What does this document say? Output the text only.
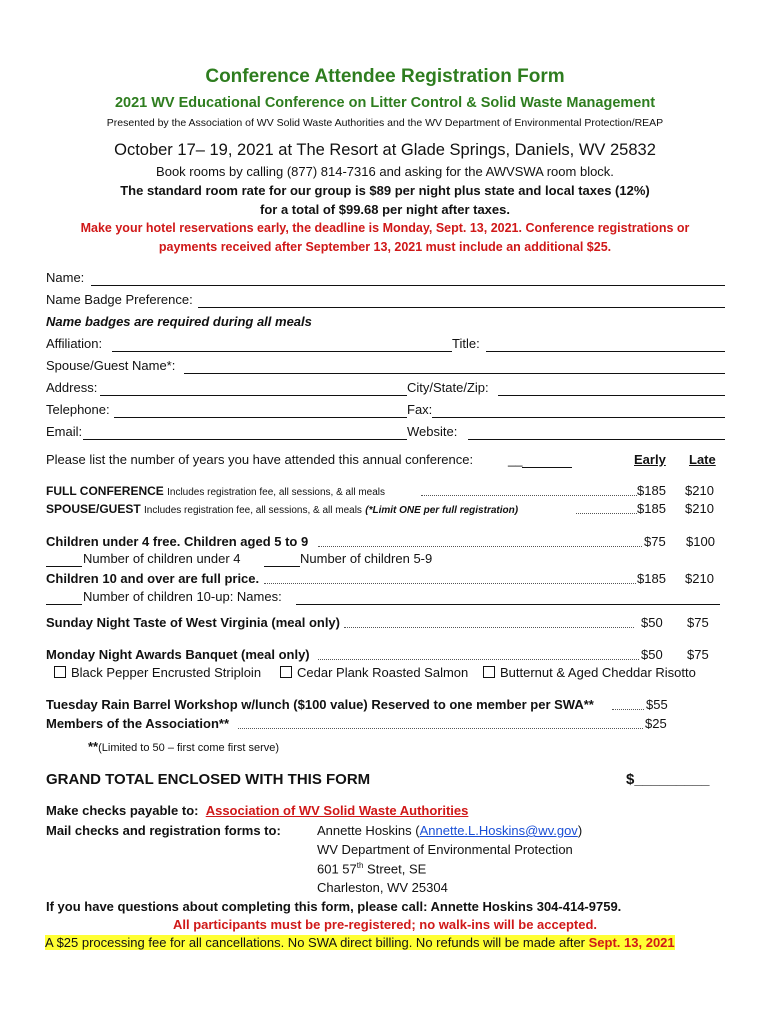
Conference Attendee Registration Form
2021 WV Educational Conference on Litter Control & Solid Waste Management
Presented by the Association of WV Solid Waste Authorities and the WV Department of Environmental Protection/REAP
October 17– 19, 2021 at The Resort at Glade Springs, Daniels, WV 25832
Book rooms by calling (877) 814-7316 and asking for the AWVSWA room block.
The standard room rate for our group is $89 per night plus state and local taxes (12%)
for a total of $99.68 per night after taxes.
Make your hotel reservations early, the deadline is Monday, Sept. 13, 2021. Conference registrations or
payments received after September 13, 2021 must include an additional $25.
Name:
Name Badge Preference:
Name badges are required during all meals
Affiliation:	Title:
Spouse/Guest Name*:
Address:	City/State/Zip:
Telephone:	Fax:
Email:	Website:
Please list the number of years you have attended this annual conference:	__	Early Late
FULL CONFERENCE Includes registration fee, all sessions, & all meals	$185 $210
SPOUSE/GUEST Includes registration fee, all sessions, & all meals (*Limit ONE per full registration)	$185 $210
Children under 4 free. Children aged 5 to 9	$75 $100
Number of children under 4	Number of children 5-9
Children 10 and over are full price.	$185 $210
Number of children 10-up: Names:
Sunday Night Taste of West Virginia (meal only)	$50 $75
Monday Night Awards Banquet (meal only)	$50 $75
Black Pepper Encrusted Striploin	Cedar Plank Roasted Salmon	Butternut & Aged Cheddar Risotto
Tuesday Rain Barrel Workshop w/lunch ($100 value) Reserved to one member per SWA**	$55
Members of the Association**	$25
**(Limited to 50 – first come first serve)
GRAND TOTAL ENCLOSED WITH THIS FORM	$_________
Make checks payable to:  Association of WV Solid Waste Authorities
Mail checks and registration forms to:	Annette Hoskins (Annette.L.Hoskins@wv.gov)
WV Department of Environmental Protection
601 57th Street, SE
Charleston, WV 25304
If you have questions about completing this form, please call: Annette Hoskins 304-414-9759.
All participants must be pre-registered; no walk-ins will be accepted.
A $25 processing fee for all cancellations. No SWA direct billing. No refunds will be made after Sept. 13, 2021
